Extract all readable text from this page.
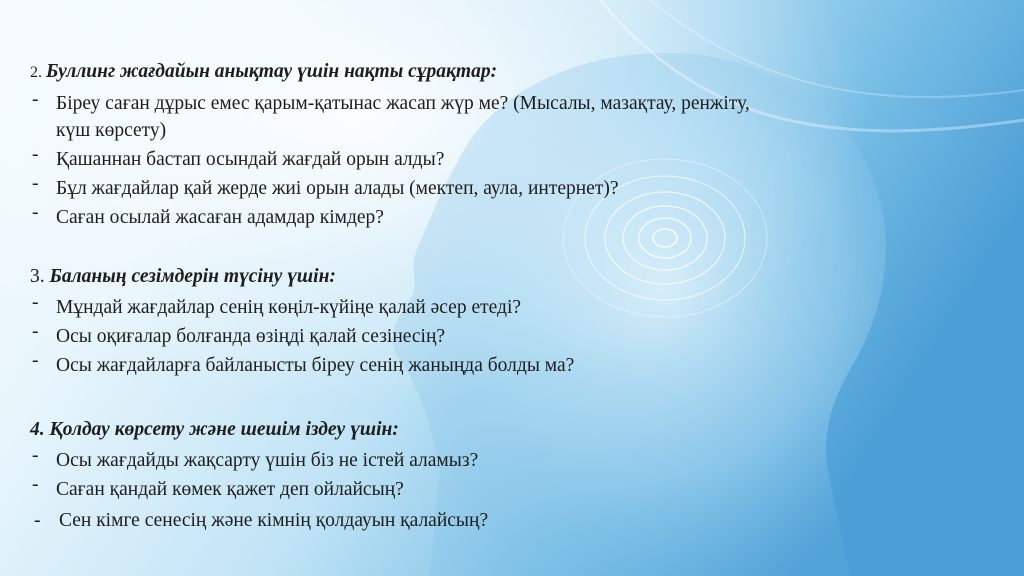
2. Буллинг жағдайын анықтау үшін нақты сұрақтар:
- Біреу саған дұрыс емес қарым-қатынас жасап жүр ме? (Мысалы, мазақтау, ренжіту,
күш көрсету)
- Қашаннан бастап осындай жағдай орын алды?
- Бұл жағдайлар қай жерде жиі орын алады (мектеп, аула, интернет)?
- Саған осылай жасаған адамдар кімдер?
3. Баланың сезімдерін түсіну үшін:
- Мұндай жағдайлар сенің көңіл-күйіңе қалай әсер етеді?
- Осы оқиғалар болғанда өзіңді қалай сезінесің?
- Осы жағдайларға байланысты біреу сенің жаныңда болды ма?
4. Қолдау көрсету және шешім іздеу үшін:
- Осы жағдайды жақсарту үшін біз не істей аламыз?
- Саған қандай көмек қажет деп ойлайсың?
- Сен кімге сенесің және кімнің қолдауын қалайсың?
